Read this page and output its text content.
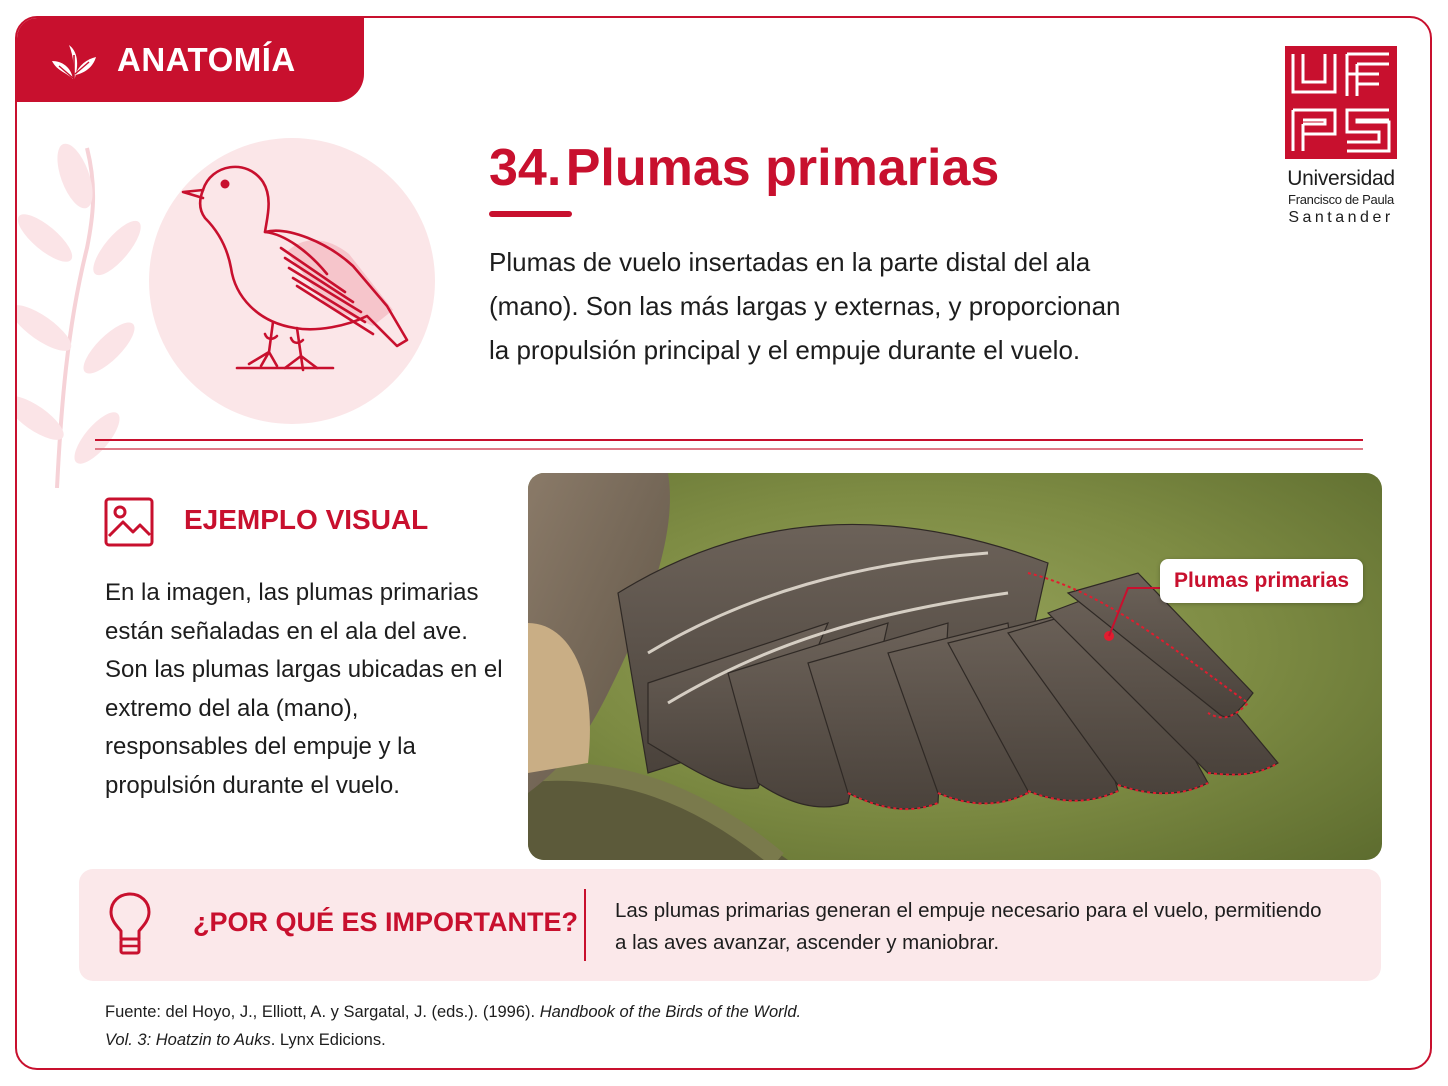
ANATOMÍA
34. Plumas primarias

Plumas de vuelo insertadas en la parte distal del ala (mano). Son las más largas y externas, y proporcionan la propulsión principal y el empuje durante el vuelo.

Universidad
Francisco de Paula
Santander
EJEMPLO VISUAL

En la imagen, las plumas primarias están señaladas en el ala del ave. Son las plumas largas ubicadas en el extremo del ala (mano), responsables del empuje y la propulsión durante el vuelo.

Plumas primarias
¿POR QUÉ ES IMPORTANTE? Las plumas primarias generan el empuje necesario para el vuelo, permitiendo a las aves avanzar, ascender y maniobrar.

Fuente: del Hoyo, J., Elliott, A. y Sargatal, J. (eds.). (1996). Handbook of the Birds of the World.
Vol. 3: Hoatzin to Auks. Lynx Edicions.
